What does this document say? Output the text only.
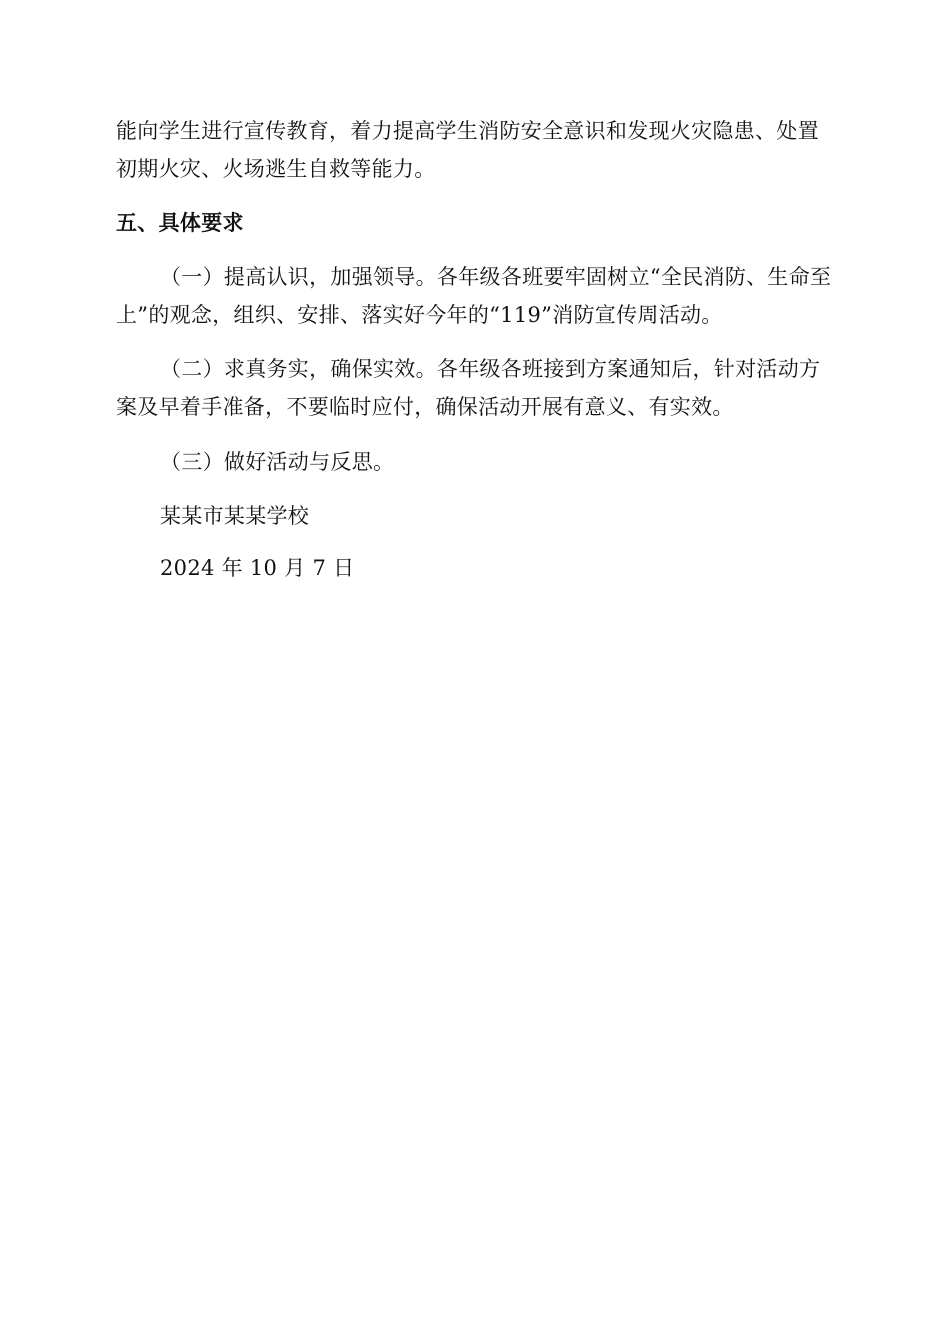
能向学生进行宣传教育，着力提高学生消防安全意识和发现火灾隐患、处置初期火灾、火场逃生自救等能力。

五、具体要求

（一）提高认识，加强领导。各年级各班要牢固树立“全民消防、生命至上”的观念，组织、安排、落实好今年的“119”消防宣传周活动。

（二）求真务实，确保实效。各年级各班接到方案通知后，针对活动方案及早着手准备，不要临时应付，确保活动开展有意义、有实效。

（三）做好活动与反思。

某某市某某学校

2024 年 10 月 7 日
